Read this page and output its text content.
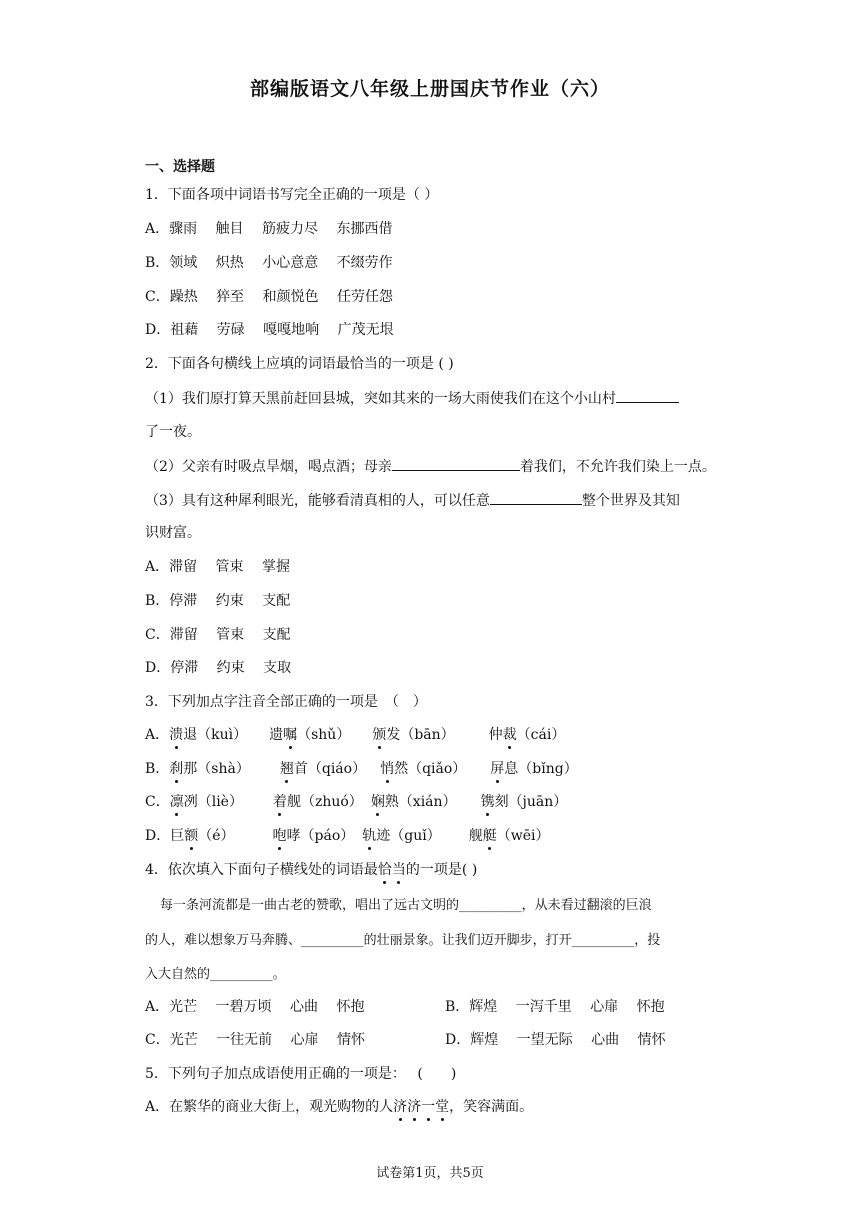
部编版语文八年级上册国庆节作业（六）
一、选择题
1．下面各项中词语书写完全正确的一项是（ ）
A．骤雨　 触目　 筋疲力尽　 东挪西借
B．领域　 炽热　 小心意意　 不缀劳作
C．躁热　 猝至　 和颜悦色　 任劳任怨
D．祖藉　 劳碌　 嘎嘎地响　 广茂无垠
2．下面各句横线上应填的词语最恰当的一项是 ( )
（1）我们原打算天黑前赶回县城，突如其来的一场大雨使我们在这个小山村
了一夜。
（2）父亲有时吸点旱烟，喝点酒；母亲	着我们，不允许我们染上一点。
（3）具有这种犀利眼光，能够看清真相的人，可以任意	整个世界及其知
识财富。
A．滞留　 管束　 掌握
B．停滞　 约束　 支配
C．滞留　 管束　 支配
D．停滞　 约束　 支取
3．下列加点字注音全部正确的一项是　（　）
A．溃退（kuì） 遗嘱（shǔ） 颁发（bān） 仲裁（cái）
B．刹那（shà） 翘首（qiáo） 悄然（qiǎo） 屏息（bǐng）
C．凛冽（liè） 着舰（zhuó） 娴熟（xián） 镌刻（juān）
D．巨额（é）	咆哮（páo） 轨迹（guǐ） 舰艇（wēi）
4．依次填入下面句子横线处的词语最恰当的一项是( )
每一条河流都是一曲古老的赞歌，唱出了远古文明的________，从未看过翻滚的巨浪
的人，难以想象万马奔腾、________的壮丽景象。让我们迈开脚步，打开________，投
入大自然的________。
A．光芒　 一碧万顷　 心曲　 怀抱	B．辉煌　 一泻千里　 心扉　 怀抱
C．光芒　 一往无前　 心扉　 情怀	D．辉煌　 一望无际　 心曲　 情怀
5．下列句子加点成语使用正确的一项是：　 (　　)
A．在繁华的商业大街上，观光购物的人济济一堂，笑容满面。
试卷第1页，共5页
